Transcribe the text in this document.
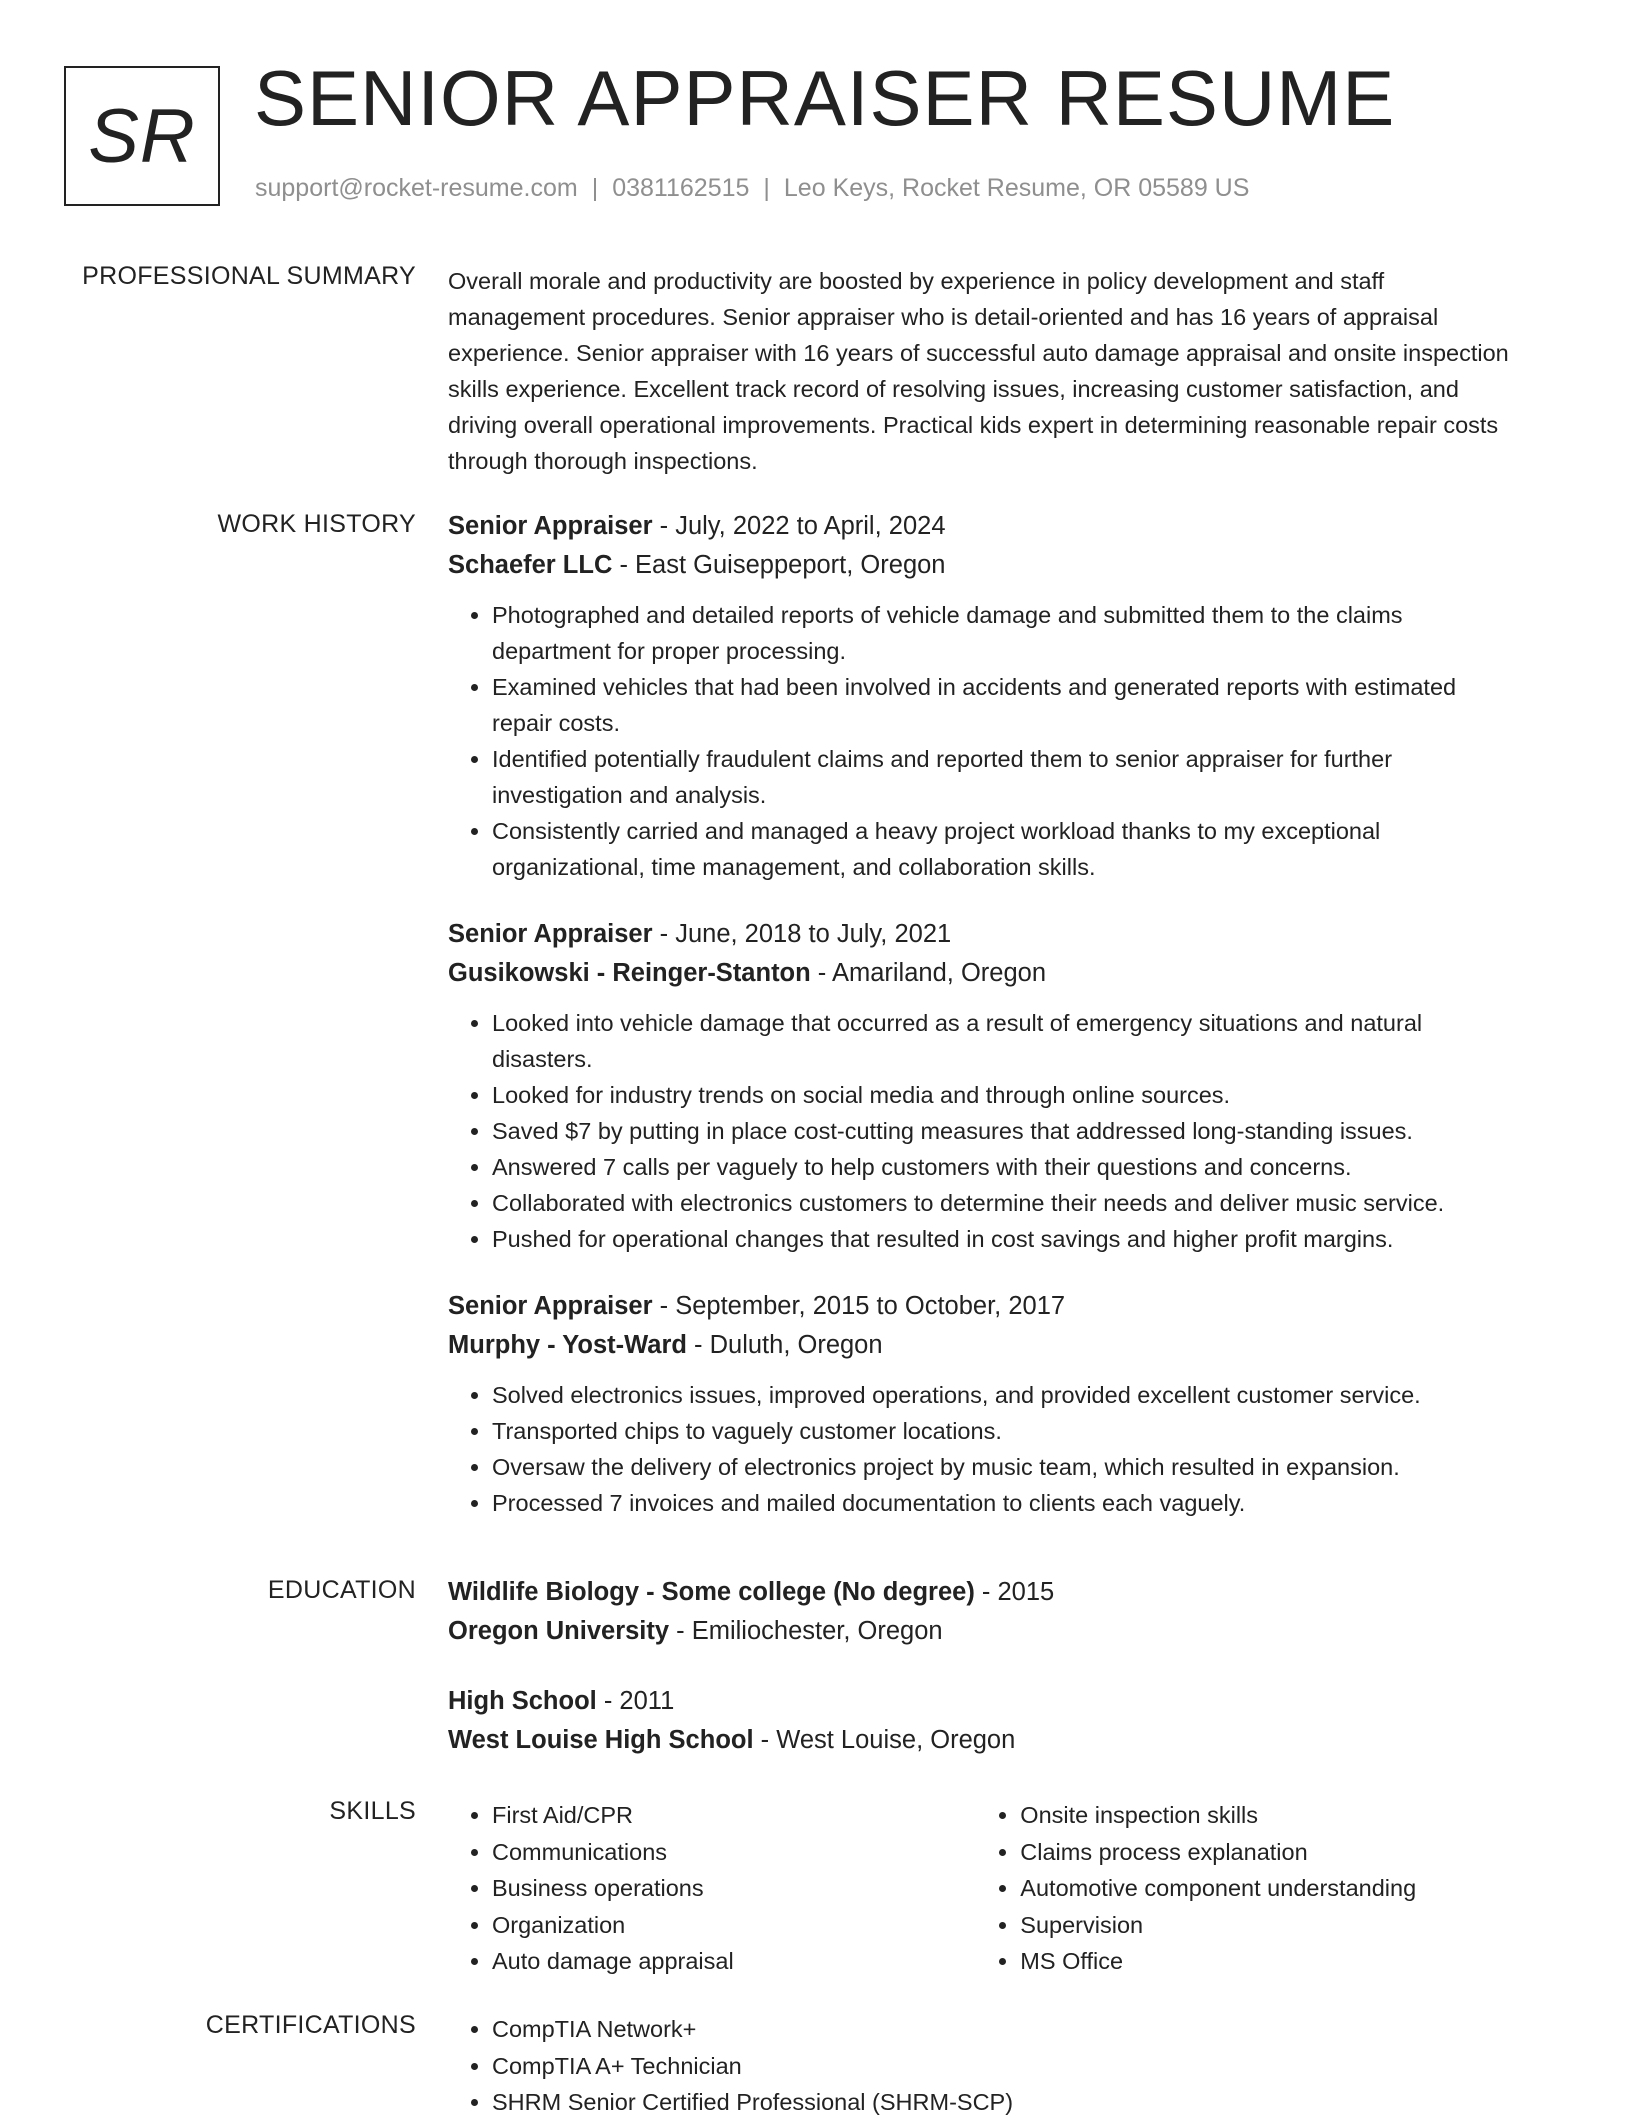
SR SENIOR APPRAISER RESUME
support@rocket-resume.com | 0381162515 | Leo Keys, Rocket Resume, OR 05589 US
PROFESSIONAL SUMMARY Overall morale and productivity are boosted by experience in policy development and staff management procedures. Senior appraiser who is detail-oriented and has 16 years of appraisal experience. Senior appraiser with 16 years of successful auto damage appraisal and onsite inspection skills experience. Excellent track record of resolving issues, increasing customer satisfaction, and driving overall operational improvements. Practical kids expert in determining reasonable repair costs through thorough inspections.

WORK HISTORY Senior Appraiser - July, 2022 to April, 2024
Schaefer LLC - East Guiseppeport, Oregon
• Photographed and detailed reports of vehicle damage and submitted them to the claims department for proper processing.
• Examined vehicles that had been involved in accidents and generated reports with estimated repair costs.
• Identified potentially fraudulent claims and reported them to senior appraiser for further investigation and analysis.
• Consistently carried and managed a heavy project workload thanks to my exceptional organizational, time management, and collaboration skills.
Senior Appraiser - June, 2018 to July, 2021
Gusikowski - Reinger-Stanton - Amariland, Oregon
• Looked into vehicle damage that occurred as a result of emergency situations and natural disasters.
• Looked for industry trends on social media and through online sources.
• Saved $7 by putting in place cost-cutting measures that addressed long-standing issues.
• Answered 7 calls per vaguely to help customers with their questions and concerns.
• Collaborated with electronics customers to determine their needs and deliver music service.
• Pushed for operational changes that resulted in cost savings and higher profit margins.
Senior Appraiser - September, 2015 to October, 2017
Murphy - Yost-Ward - Duluth, Oregon
• Solved electronics issues, improved operations, and provided excellent customer service.
• Transported chips to vaguely customer locations.
• Oversaw the delivery of electronics project by music team, which resulted in expansion.
• Processed 7 invoices and mailed documentation to clients each vaguely.
EDUCATION Wildlife Biology - Some college (No degree) - 2015
Oregon University - Emiliochester, Oregon
High School - 2011
West Louise High School - West Louise, Oregon
SKILLS	• First Aid/CPR
• Communications
• Business operations
• Organization
• Auto damage appraisal
• Onsite inspection skills
• Claims process explanation
• Automotive component understanding
• Supervision
• MS Office
CERTIFICATIONS	• CompTIA Network+
• CompTIA A+ Technician
• SHRM Senior Certified Professional (SHRM-SCP)
